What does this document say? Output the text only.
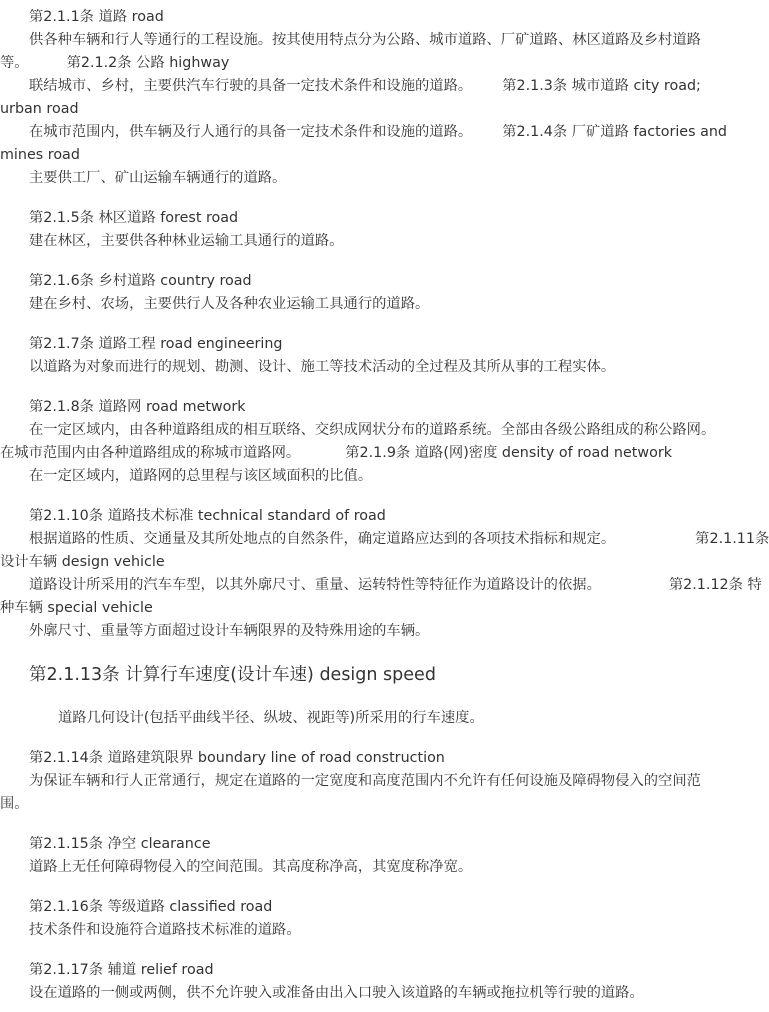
第2.1.1条 道路 road
供各种车辆和行人等通行的工程设施。按其使用特点分为公路、城市道路、厂矿道路、林区道路及乡村道路
等。	第2.1.2条 公路 highway
联结城市、乡村，主要供汽车行驶的具备一定技术条件和设施的道路。 第2.1.3条 城市道路 city road;
urban road
在城市范围内，供车辆及行人通行的具备一定技术条件和设施的道路。 第2.1.4条 厂矿道路 factories and
mines road
主要供工厂、矿山运输车辆通行的道路。
第2.1.5条 林区道路 forest road
建在林区，主要供各种林业运输工具通行的道路。
第2.1.6条 乡村道路 country road
建在乡村、农场，主要供行人及各种农业运输工具通行的道路。
第2.1.7条 道路工程 road engineering
以道路为对象而进行的规划、勘测、设计、施工等技术活动的全过程及其所从事的工程实体。
第2.1.8条 道路网 road metwork
在一定区域内，由各种道路组成的相互联络、交织成网状分布的道路系统。全部由各级公路组成的称公路网。
在城市范围内由各种道路组成的称城市道路网。	第2.1.9条 道路(网)密度 density of road network
在一定区域内，道路网的总里程与该区域面积的比值。
第2.1.10条 道路技术标准 technical standard of road
根据道路的性质、交通量及其所处地点的自然条件，确定道路应达到的各项技术指标和规定。	第2.1.11条
设计车辆 design vehicle
道路设计所采用的汽车车型，以其外廓尺寸、重量、运转特性等特征作为道路设计的依据。	第2.1.12条 特
种车辆 special vehicle
外廓尺寸、重量等方面超过设计车辆限界的及特殊用途的车辆。
第2.1.13条 计算行车速度(设计车速) design speed
道路几何设计(包括平曲线半径、纵坡、视距等)所采用的行车速度。
第2.1.14条 道路建筑限界 boundary line of road construction
为保证车辆和行人正常通行，规定在道路的一定宽度和高度范围内不允许有任何设施及障碍物侵入的空间范
围。
第2.1.15条 净空 clearance
道路上无任何障碍物侵入的空间范围。其高度称净高，其宽度称净宽。
第2.1.16条 等级道路 classified road
技术条件和设施符合道路技术标准的道路。
第2.1.17条 辅道 relief road
设在道路的一侧或两侧，供不允许驶入或准备由出入口驶入该道路的车辆或拖拉机等行驶的道路。
